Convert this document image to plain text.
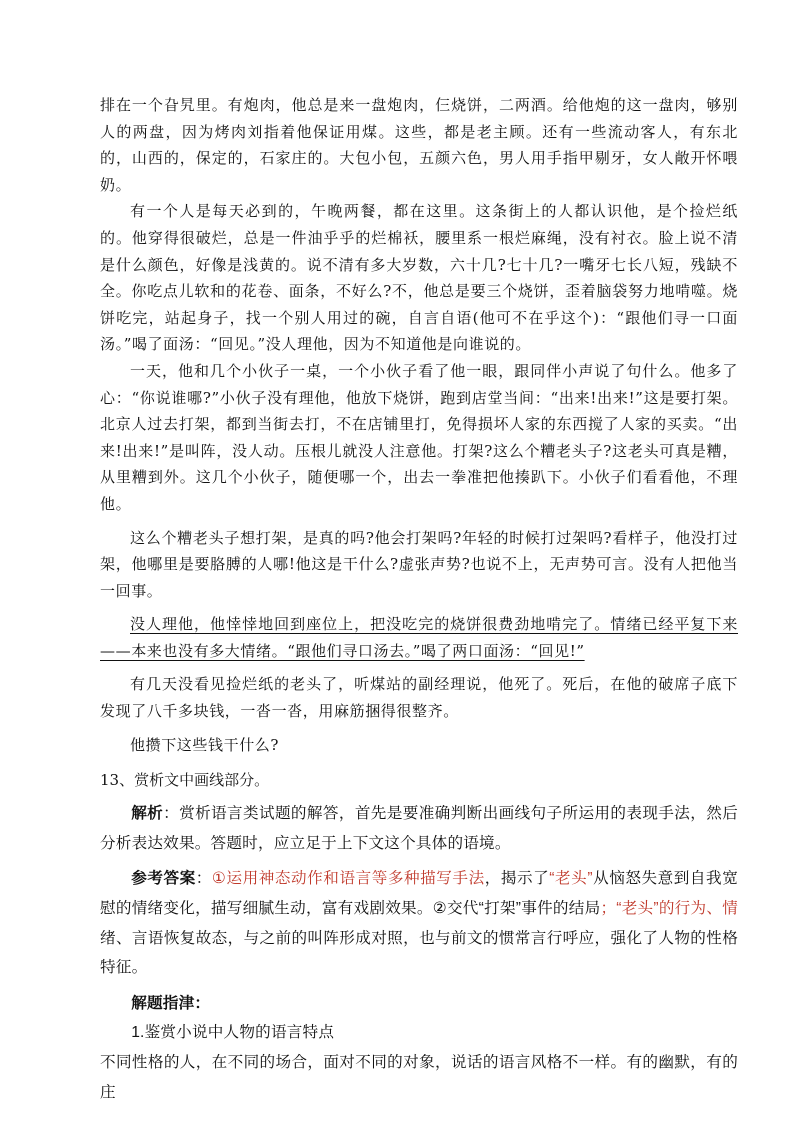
排在一个旮旯里。有炮肉，他总是来一盘炮肉，仨烧饼，二两酒。给他炮的这一盘肉，够别人的两盘，因为烤肉刘指着他保证用煤。这些，都是老主顾。还有一些流动客人，有东北的，山西的，保定的，石家庄的。大包小包，五颜六色，男人用手指甲剔牙，女人敞开怀喂奶。

有一个人是每天必到的，午晚两餐，都在这里。这条街上的人都认识他，是个捡烂纸的。他穿得很破烂，总是一件油乎乎的烂棉袄，腰里系一根烂麻绳，没有衬衣。脸上说不清是什么颜色，好像是浅黄的。说不清有多大岁数，六十几?七十几?一嘴牙七长八短，残缺不全。你吃点儿软和的花卷、面条，不好么?不，他总是要三个烧饼，歪着脑袋努力地啃噬。烧饼吃完，站起身子，找一个别人用过的碗，自言自语(他可不在乎这个)：“跟他们寻一口面汤。”喝了面汤：“回见。”没人理他，因为不知道他是向谁说的。

一天，他和几个小伙子一桌，一个小伙子看了他一眼，跟同伴小声说了句什么。他多了心：“你说谁哪?”小伙子没有理他，他放下烧饼，跑到店堂当间：“出来!出来!”这是要打架。北京人过去打架，都到当街去打，不在店铺里打，免得损坏人家的东西搅了人家的买卖。“出来!出来!”是叫阵，没人动。压根儿就没人注意他。打架?这么个糟老头子?这老头可真是糟，从里糟到外。这几个小伙子，随便哪一个，出去一拳准把他揍趴下。小伙子们看看他，不理他。

这么个糟老头子想打架，是真的吗?他会打架吗?年轻的时候打过架吗?看样子，他没打过架，他哪里是要胳膊的人哪!他这是干什么?虚张声势?也说不上，无声势可言。没有人把他当一回事。

没人理他，他悻悻地回到座位上，把没吃完的烧饼很费劲地啃完了。情绪已经平复下来——本来也没有多大情绪。“跟他们寻口汤去。”喝了两口面汤：“回见!”

有几天没看见捡烂纸的老头了，听煤站的副经理说，他死了。死后，在他的破席子底下发现了八千多块钱，一沓一沓，用麻筋捆得很整齐。

他攒下这些钱干什么?

13、赏析文中画线部分。

解析：赏析语言类试题的解答，首先是要准确判断出画线句子所运用的表现手法，然后分析表达效果。答题时，应立足于上下文这个具体的语境。

参考答案：①运用神态动作和语言等多种描写手法，揭示了“老头”从恼怒失意到自我宽慰的情绪变化，描写细腻生动，富有戏剧效果。②交代“打架”事件的结局；“老头”的行为、情绪、言语恢复故态，与之前的叫阵形成对照，也与前文的惯常言行呼应，强化了人物的性格特征。

解题指津：

1.鉴赏小说中人物的语言特点

不同性格的人，在不同的场合，面对不同的对象，说话的语言风格不一样。有的幽默，有的庄
